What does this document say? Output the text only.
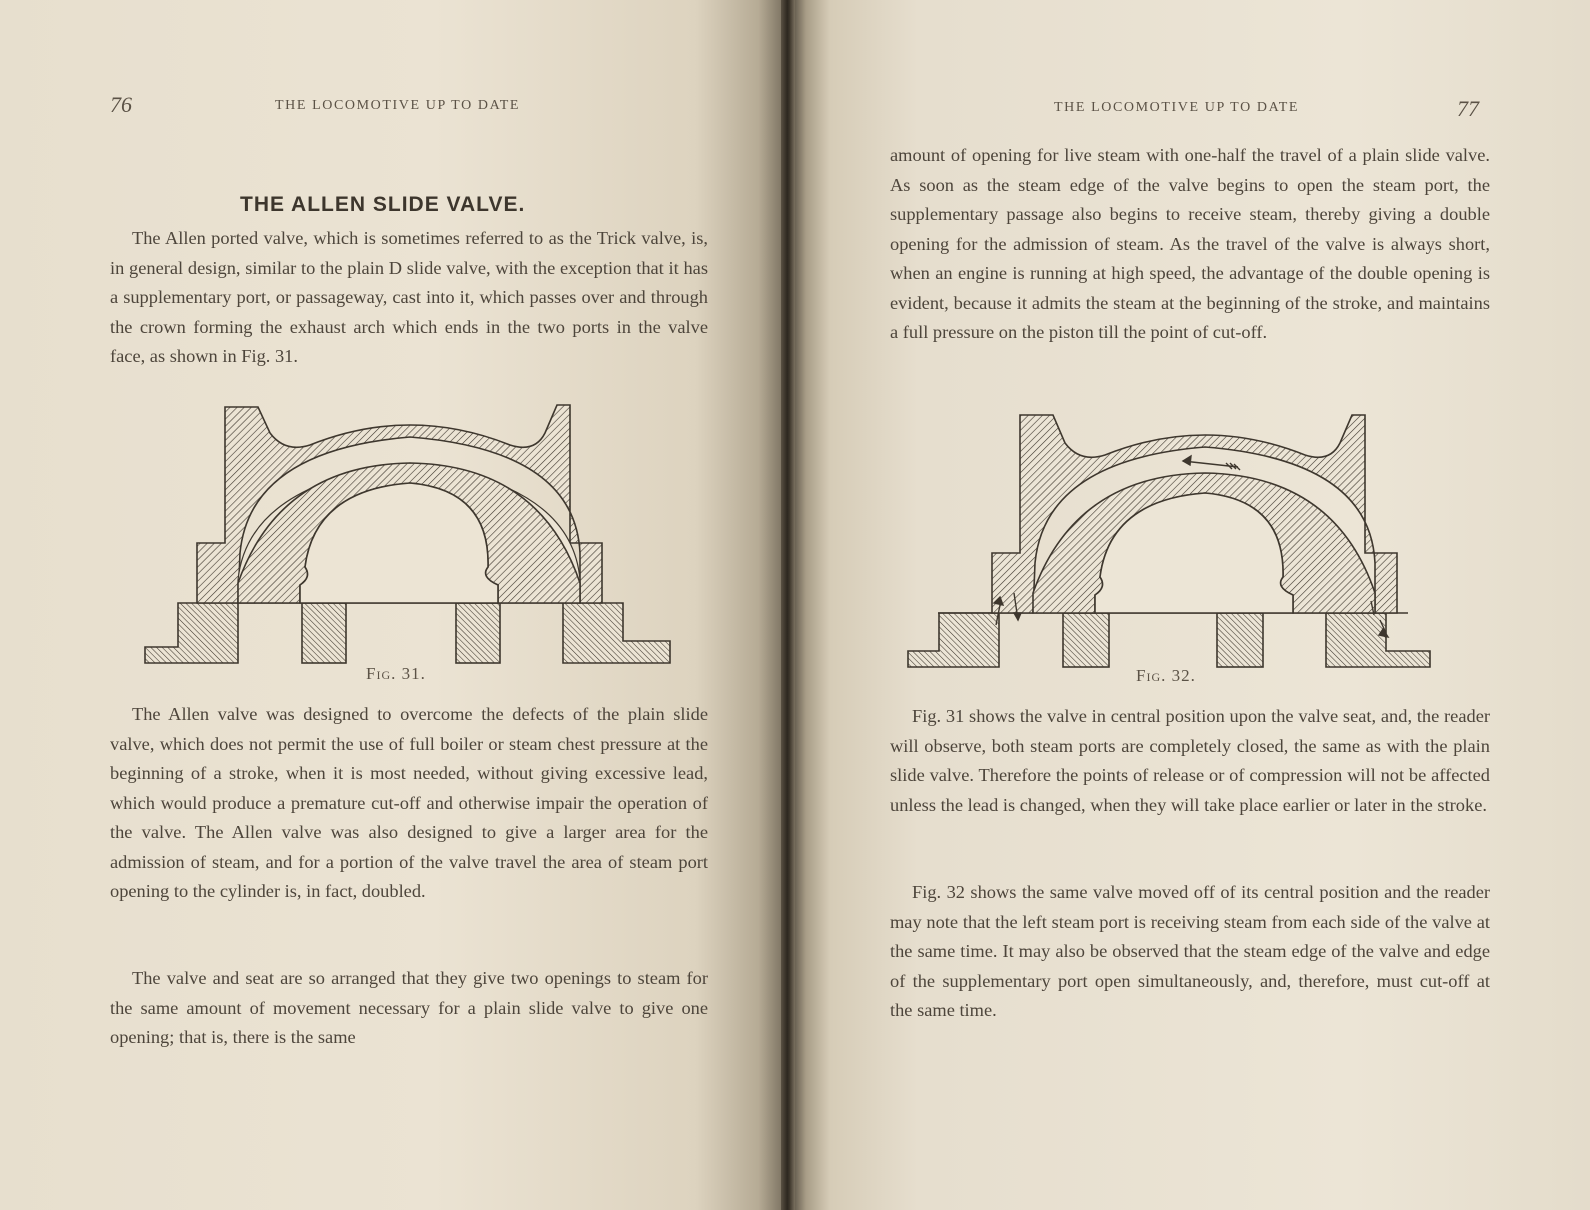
76	THE LOCOMOTIVE UP TO DATE
THE ALLEN SLIDE VALVE.

The Allen ported valve, which is sometimes referred to as the Trick valve, is, in general design, similar to the plain D slide valve, with the exception that it has a supplementary port, or passageway, cast into it, which passes over and through the crown forming the exhaust arch which ends in the two ports in the valve face, as shown in Fig. 31.

Fig. 31.

The Allen valve was designed to overcome the defects of the plain slide valve, which does not permit the use of full boiler or steam chest pressure at the beginning of a stroke, when it is most needed, without giving excessive lead, which would produce a premature cut-off and otherwise impair the operation of the valve. The Allen valve was also designed to give a larger area for the admission of steam, and for a portion of the valve travel the area of steam port opening to the cylinder is, in fact, doubled.

The valve and seat are so arranged that they give two openings to steam for the same amount of movement necessary for a plain slide valve to give one opening; that is, there is the same

THE LOCOMOTIVE UP TO DATE	77

amount of opening for live steam with one-half the travel of a plain slide valve. As soon as the steam edge of the valve begins to open the steam port, the supplementary passage also begins to receive steam, thereby giving a double opening for the admission of steam. As the travel of the valve is always short, when an engine is running at high speed, the advantage of the double opening is evident, because it admits the steam at the beginning of the stroke, and maintains a full pressure on the piston till the point of cut-off.

Fig. 32.

Fig. 31 shows the valve in central position upon the valve seat, and, the reader will observe, both steam ports are completely closed, the same as with the plain slide valve. Therefore the points of release or of compression will not be affected unless the lead is changed, when they will take place earlier or later in the stroke.

Fig. 32 shows the same valve moved off of its central position and the reader may note that the left steam port is receiving steam from each side of the valve at the same time. It may also be observed that the steam edge of the valve and edge of the supplementary port open simultaneously, and, therefore, must cut-off at the same time.
